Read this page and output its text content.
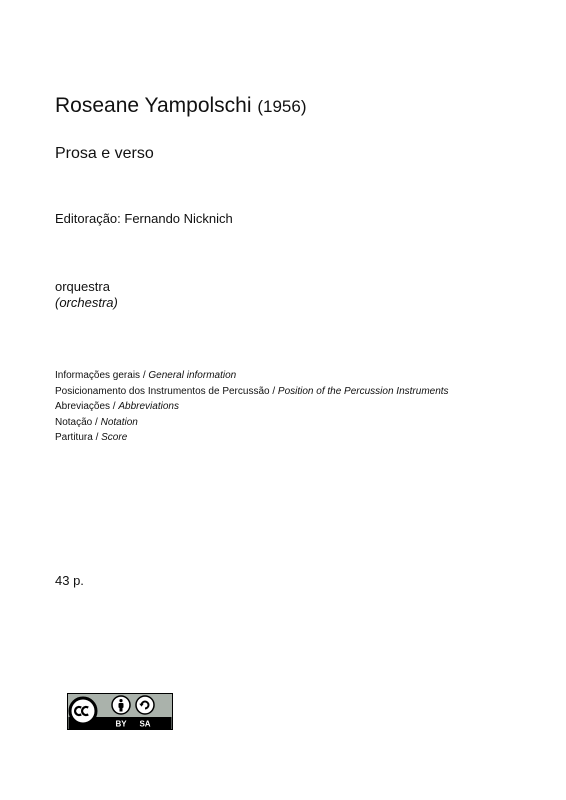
Roseane Yampolschi (1956)
Prosa e verso
Editoração: Fernando Nicknich
orquestra
(orchestra)
Informações gerais / General information
Posicionamento dos Instrumentos de Percussão / Position of the Percussion Instruments
Abreviações / Abbreviations
Notação / Notation
Partitura / Score
43 p.
BY SA
